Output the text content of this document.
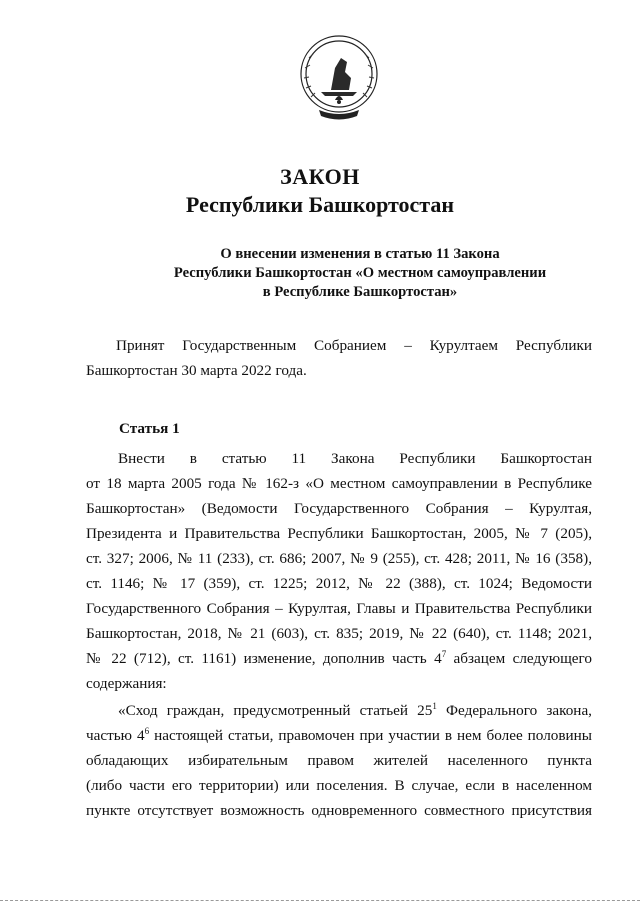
ЗАКОН
Республики Башкортостан
О внесении изменения в статью 11 Закона
Республики Башкортостан «О местном самоуправлении
в Республике Башкортостан»
Принят Государственным Собранием – Курултаем Республики
Башкортостан 30 марта 2022 года.
Статья 1
Внести в статью 11 Закона Республики Башкортостан
от 18 марта 2005 года № 162-з «О местном самоуправлении в Республике
Башкортостан» (Ведомости Государственного Собрания – Курултая,
Президента и Правительства Республики Башкортостан, 2005, № 7 (205),
ст. 327; 2006, № 11 (233), ст. 686; 2007, № 9 (255), ст. 428; 2011, № 16 (358),
ст. 1146; № 17 (359), ст. 1225; 2012, № 22 (388), ст. 1024; Ведомости
Государственного Собрания – Курултая, Главы и Правительства Республики
Башкортостан, 2018, № 21 (603), ст. 835; 2019, № 22 (640), ст. 1148; 2021,
№ 22 (712), ст. 1161) изменение, дополнив часть $4^7$ абзацем следующего
содержания:
«Сход граждан, предусмотренный статьей $25^1$ Федерального закона,
частью $4^6$ настоящей статьи, правомочен при участии в нем более половины
обладающих избирательным правом жителей населенного пункта
(либо части его территории) или поселения. В случае, если в населенном
пункте отсутствует возможность одновременного совместного присутствия
